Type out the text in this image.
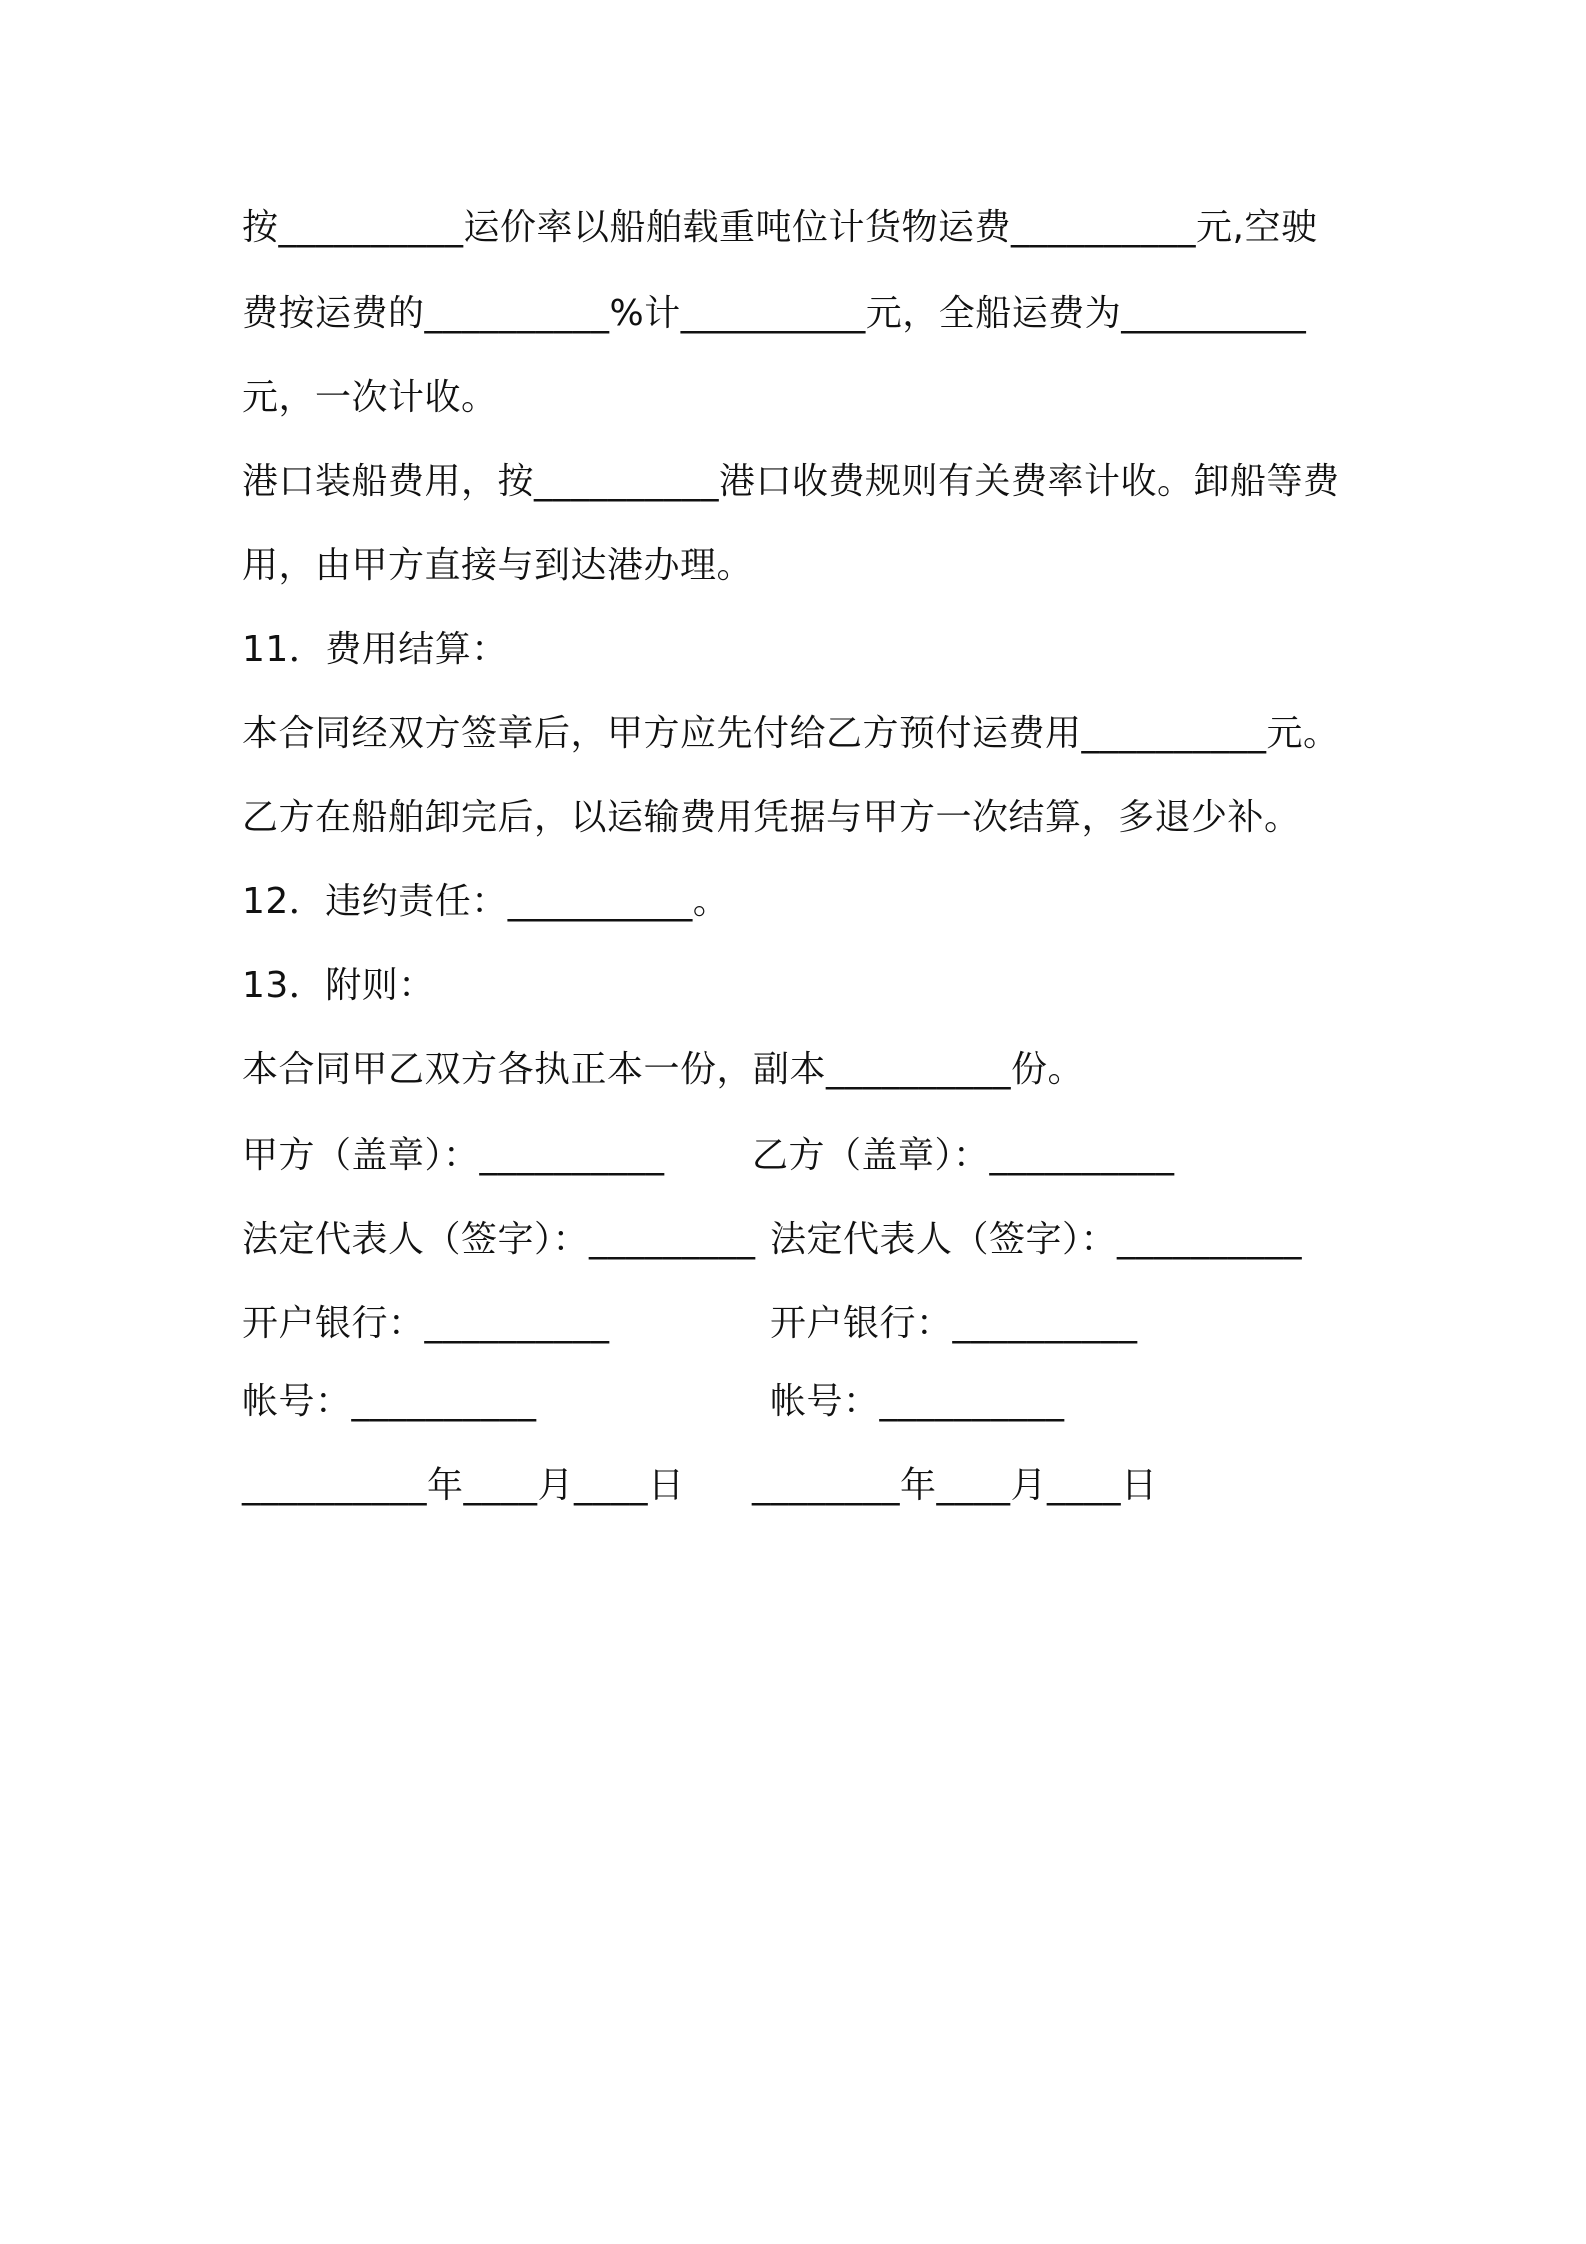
按__________运价率以船舶载重吨位计货物运费__________元,空驶

费按运费的__________%计__________元，全船运费为__________

元，一次计收。

港口装船费用，按__________港口收费规则有关费率计收。卸船等费

用，由甲方直接与到达港办理。

11．费用结算：

本合同经双方签章后，甲方应先付给乙方预付运费用__________元。

乙方在船舶卸完后，以运输费用凭据与甲方一次结算，多退少补。

12．违约责任：__________。

13．附则：

本合同甲乙双方各执正本一份，副本__________份。

甲方（盖章）：__________ 乙方（盖章）：__________
法定代表人（签字）：_________ 法定代表人（签字）：__________
开户银行：__________	开户银行：__________
帐号：__________	帐号：__________
__________年____月____日 ________年____月____日
